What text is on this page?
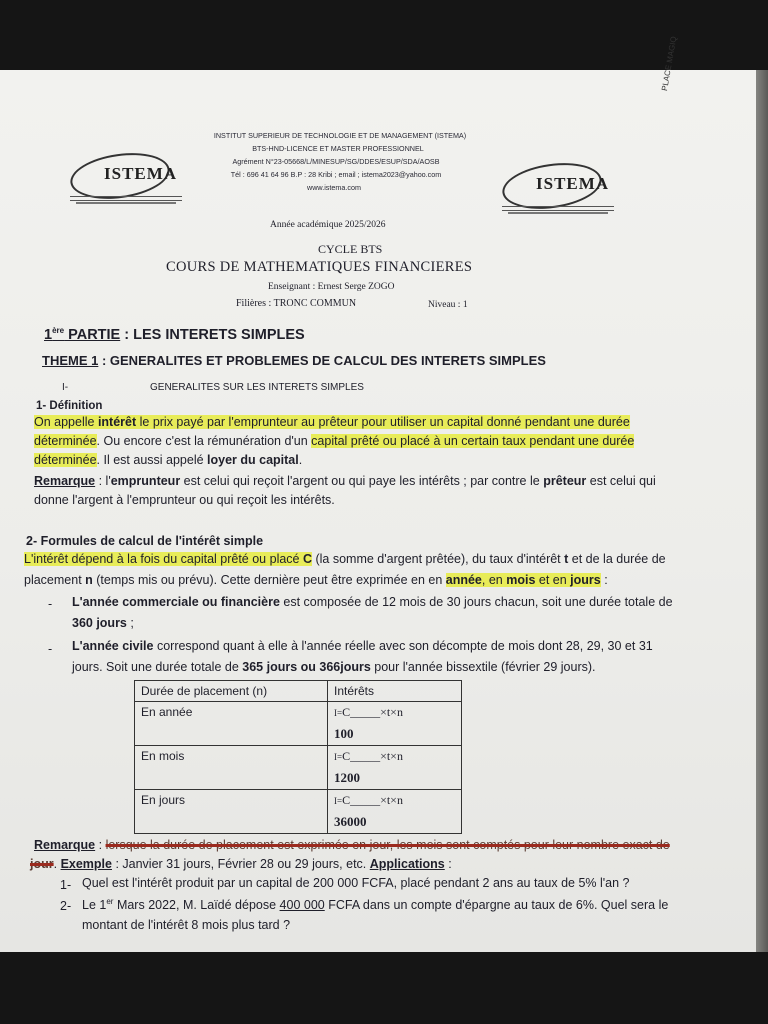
ISTEMA
ISTEMA
INSTITUT SUPERIEUR DE TECHNOLOGIE ET DE MANAGEMENT (ISTEMA)
BTS-HND-LICENCE ET MASTER PROFESSIONNEL
Agrément N°23-05668/L/MINESUP/SG/DDES/ESUP/SDA/AOSB
Tél : 696 41 64 96 B.P : 28 Kribi ; email ; istema2023@yahoo.com
www.istema.com
PLACE MAGIQ
Année académique 2025/2026
CYCLE BTS
COURS DE MATHEMATIQUES FINANCIERES
Enseignant : Ernest Serge ZOGO
Filières : TRONC COMMUN	Niveau : 1
1ère PARTIE : LES INTERETS SIMPLES
THEME 1 : GENERALITES ET PROBLEMES DE CALCUL DES INTERETS SIMPLES
I-	GENERALITES SUR LES INTERETS SIMPLES
1- Définition
On appelle intérêt le prix payé par l'emprunteur au prêteur pour utiliser un capital donné pendant une durée
déterminée. Ou encore c'est la rémunération d'un capital prêté ou placé à un certain taux pendant une durée
déterminée. Il est aussi appelé loyer du capital.
Remarque : l'emprunteur est celui qui reçoit l'argent ou qui paye les intérêts ; par contre le prêteur est celui qui
donne l'argent à l'emprunteur ou qui reçoit les intérêts.
2- Formules de calcul de l'intérêt simple
L'intérêt dépend à la fois du capital prêté ou placé C (la somme d'argent prêtée), du taux d'intérêt t et de la durée de
placement n (temps mis ou prévu). Cette dernière peut être exprimée en en année, en mois et en jours :
- L'année commerciale ou financière est composée de 12 mois de 30 jours chacun, soit une durée totale de
360 jours ;
- L'année civile correspond quant à elle à l'année réelle avec son décompte de mois dont 28, 29, 30 et 31
jours. Soit une durée totale de 365 jours ou 366jours pour l'année bissextile (février 29 jours).
Durée de placement (n)	Intérêts
En année	I=C_____×t×n
100

En mois	I=C_____×t×n
1200

En jours	I=C_____×t×n
36000
Remarque : lorsque la durée de placement est exprimée en jour, les mois sont comptés pour leur nombre exact de
jour. Exemple : Janvier 31 jours, Février 28 ou 29 jours, etc. Applications :
1- Quel est l'intérêt produit par un capital de 200 000 FCFA, placé pendant 2 ans au taux de 5% l'an ?
2- Le 1er Mars 2022, M. Laïdé dépose 400 000 FCFA dans un compte d'épargne au taux de 6%. Quel sera le
montant de l'intérêt 8 mois plus tard ?
